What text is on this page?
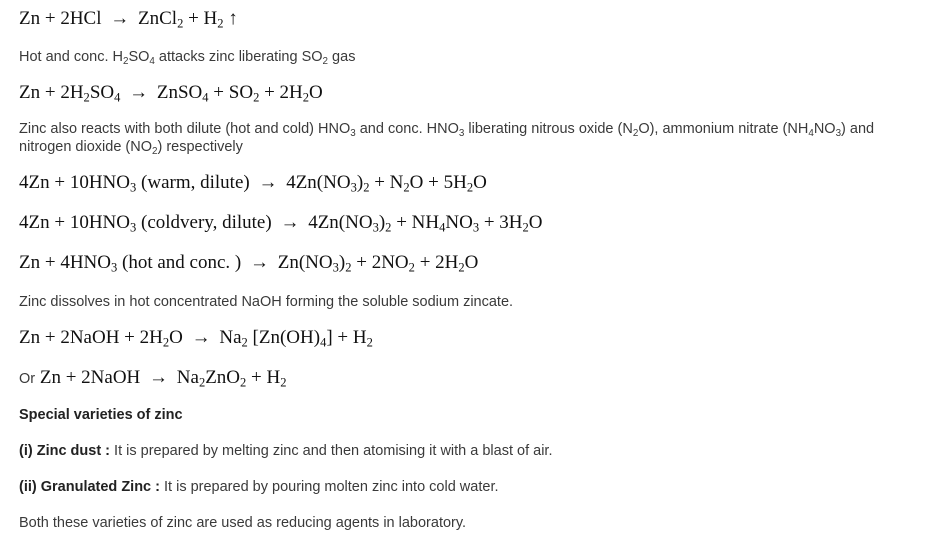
Zn + 2HCl → ZnCl$_2$ + $H_2$ ↑
Hot and conc. $H_2SO_4$ attacks zinc liberating $SO_2$ gas
$Zn + 2H_2SO_4$ → ZnSO$_4$ + $SO_2 + 2H_2O$
Zinc also reacts with both dilute (hot and cold) $HNO_3$ and conc. $HNO_3$ liberating nitrous oxide $(N_2O)$, ammonium nitrate $(NH_4NO_3)$ and nitrogen dioxide $(NO_2)$ respectively
$4Zn + 10HNO_3$ (warm, dilute) → $4Zn(NO_3)_2 + N_2O + 5H_2O$
$4Zn + 10HNO_3$ (coldvery, dilute) → $4Zn(NO_3)_2 + NH_4NO_3 + 3H_2O$
$Zn + 4HNO_3$ (hot and conc. ) → $Zn(NO_3)_2 + 2NO_2 + 2H_2O$
Zinc dissolves in hot concentrated NaOH forming the soluble sodium zincate.
Zn + 2NaOH + $2H_2O \to Na_2$ $[Zn(OH)_4] + H_2$
Or Zn + 2NaOH → $Na_2ZnO_2 + H_2$
Special varieties of zinc
(i) Zinc dust : It is prepared by melting zinc and then atomising it with a blast of air.
(ii) Granulated Zinc : It is prepared by pouring molten zinc into cold water.
Both these varieties of zinc are used as reducing agents in laboratory.
